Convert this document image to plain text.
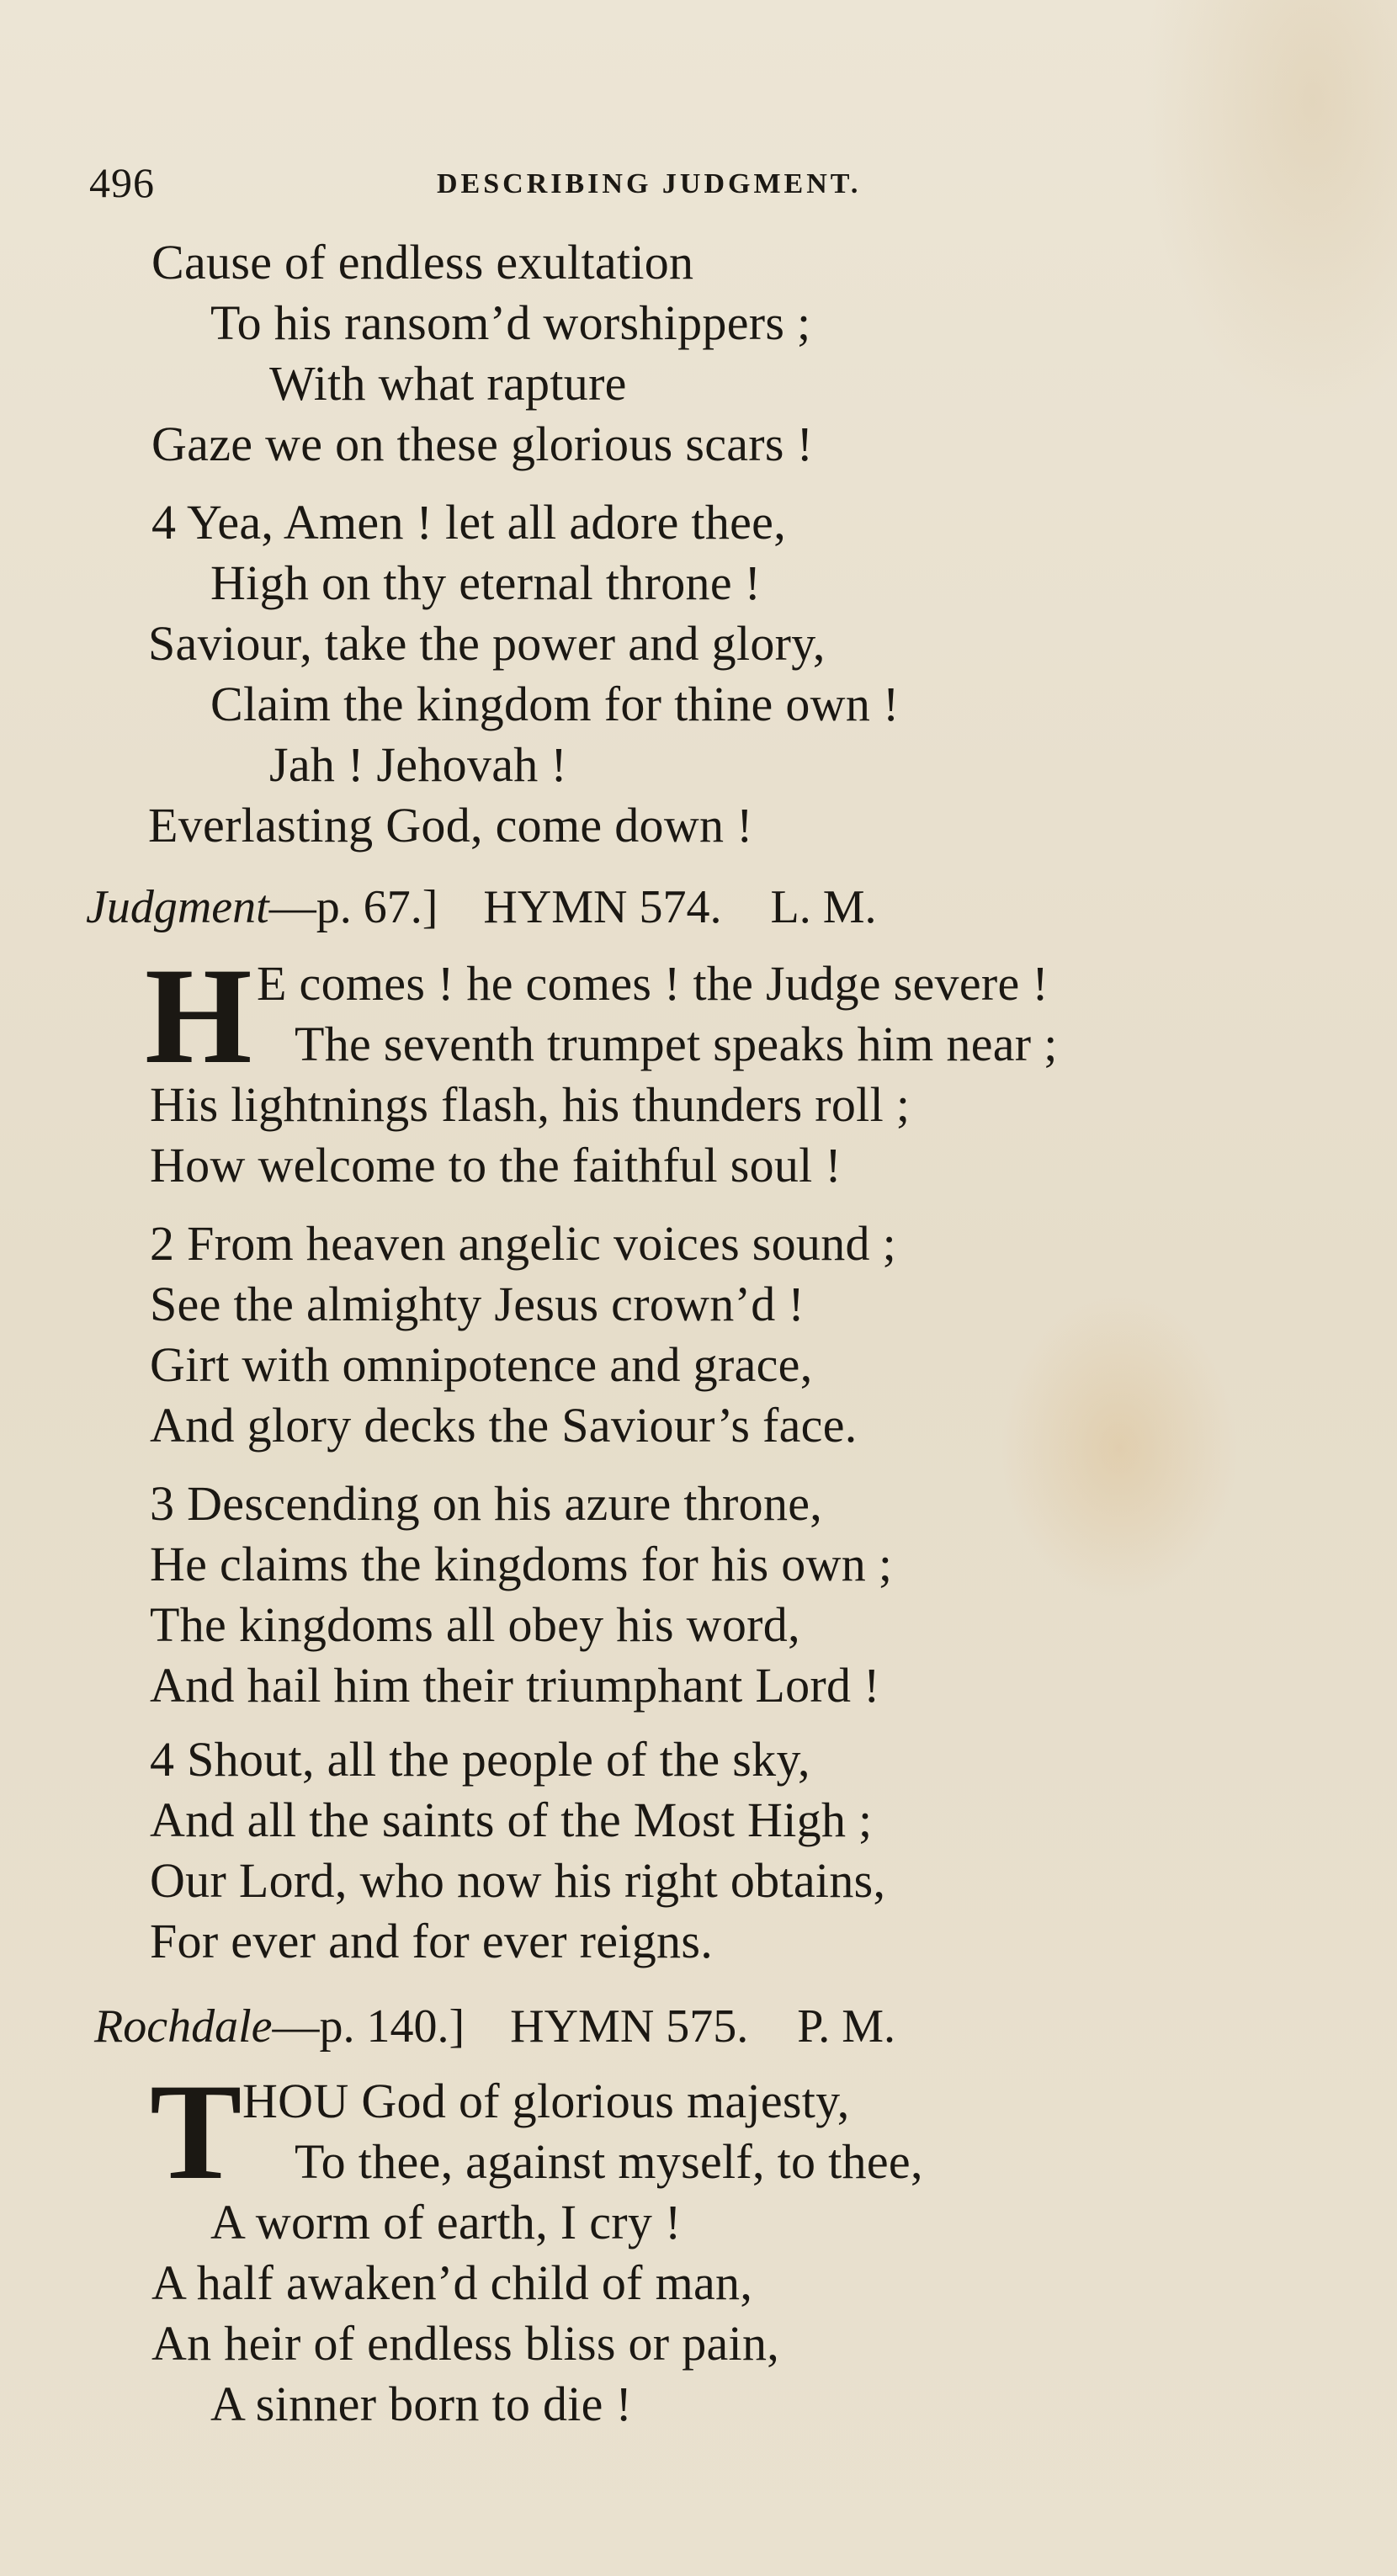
496	DESCRIBING JUDGMENT.
Cause of endless exultation
To his ransom’d worshippers ;
With what rapture
Gaze we on these glorious scars !
4 Yea, Amen ! let all adore thee,
High on thy eternal throne !
Saviour, take the power and glory,
Claim the kingdom for thine own !
Jah ! Jehovah !
Everlasting God, come down !
Judgment—p. 67.] HYMN 574. L. M.
H E comes ! he comes ! the Judge severe !
The seventh trumpet speaks him near ;
His lightnings flash, his thunders roll ;
How welcome to the faithful soul !
2 From heaven angelic voices sound ;
See the almighty Jesus crown’d !
Girt with omnipotence and grace,
And glory decks the Saviour’s face.
3 Descending on his azure throne,
He claims the kingdoms for his own ;
The kingdoms all obey his word,
And hail him their triumphant Lord !
4 Shout, all the people of the sky,
And all the saints of the Most High ;
Our Lord, who now his right obtains,
For ever and for ever reigns.
Rochdale—p. 140.] HYMN 575. P. M.
T HOU God of glorious majesty,
To thee, against myself, to thee,
A worm of earth, I cry !
A half awaken’d child of man,
An heir of endless bliss or pain,
A sinner born to die !
